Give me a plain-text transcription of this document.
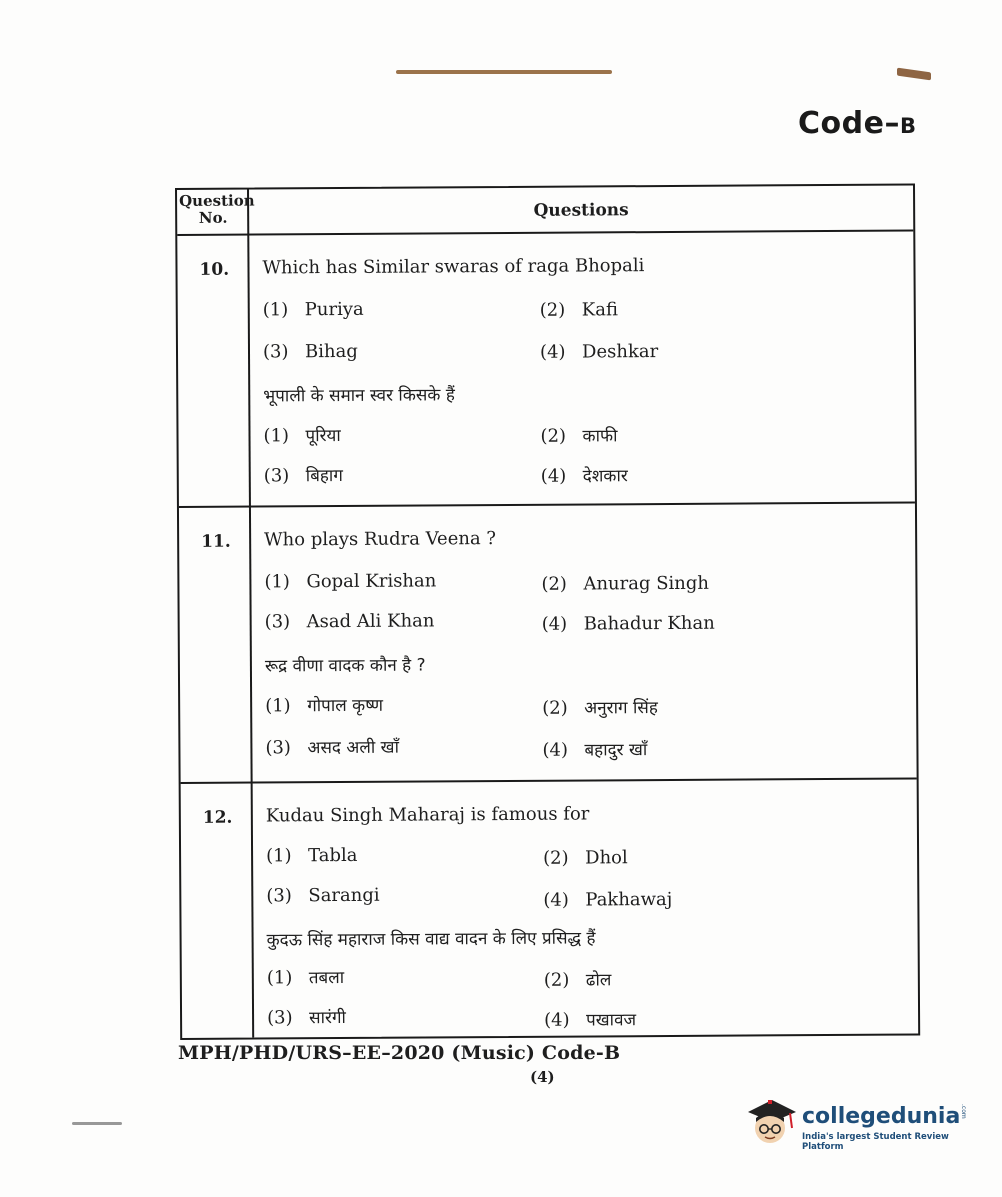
Code–B
Question No.	Questions
10. Which has Similar swaras of raga Bhopali
(1) Puriya	(2) Kafi
(3) Bihag	(4) Deshkar
भूपाली के समान स्वर किसके हैं
(1) पूरिया	(2) काफी
(3) बिहाग	(4) देशकार
11. Who plays Rudra Veena ?
(1) Gopal Krishan	(2) Anurag Singh
(3) Asad Ali Khan	(4) Bahadur Khan
रूद्र वीणा वादक कौन है ?
(1) गोपाल कृष्ण	(2) अनुराग सिंह
(3) असद अली खाँ	(4) बहादुर खाँ
12. Kudau Singh Maharaj is famous for
(1) Tabla	(2) Dhol
(3) Sarangi	(4) Pakhawaj
कुदऊ सिंह महाराज किस वाद्य वादन के लिए प्रसिद्ध हैं
(1) तबला	(2) ढोल
(3) सारंगी	(4) पखावज
MPH/PHD/URS–EE–2020 (Music) Code-B
(4)
collegedunia .com
India's largest Student Review Platform
